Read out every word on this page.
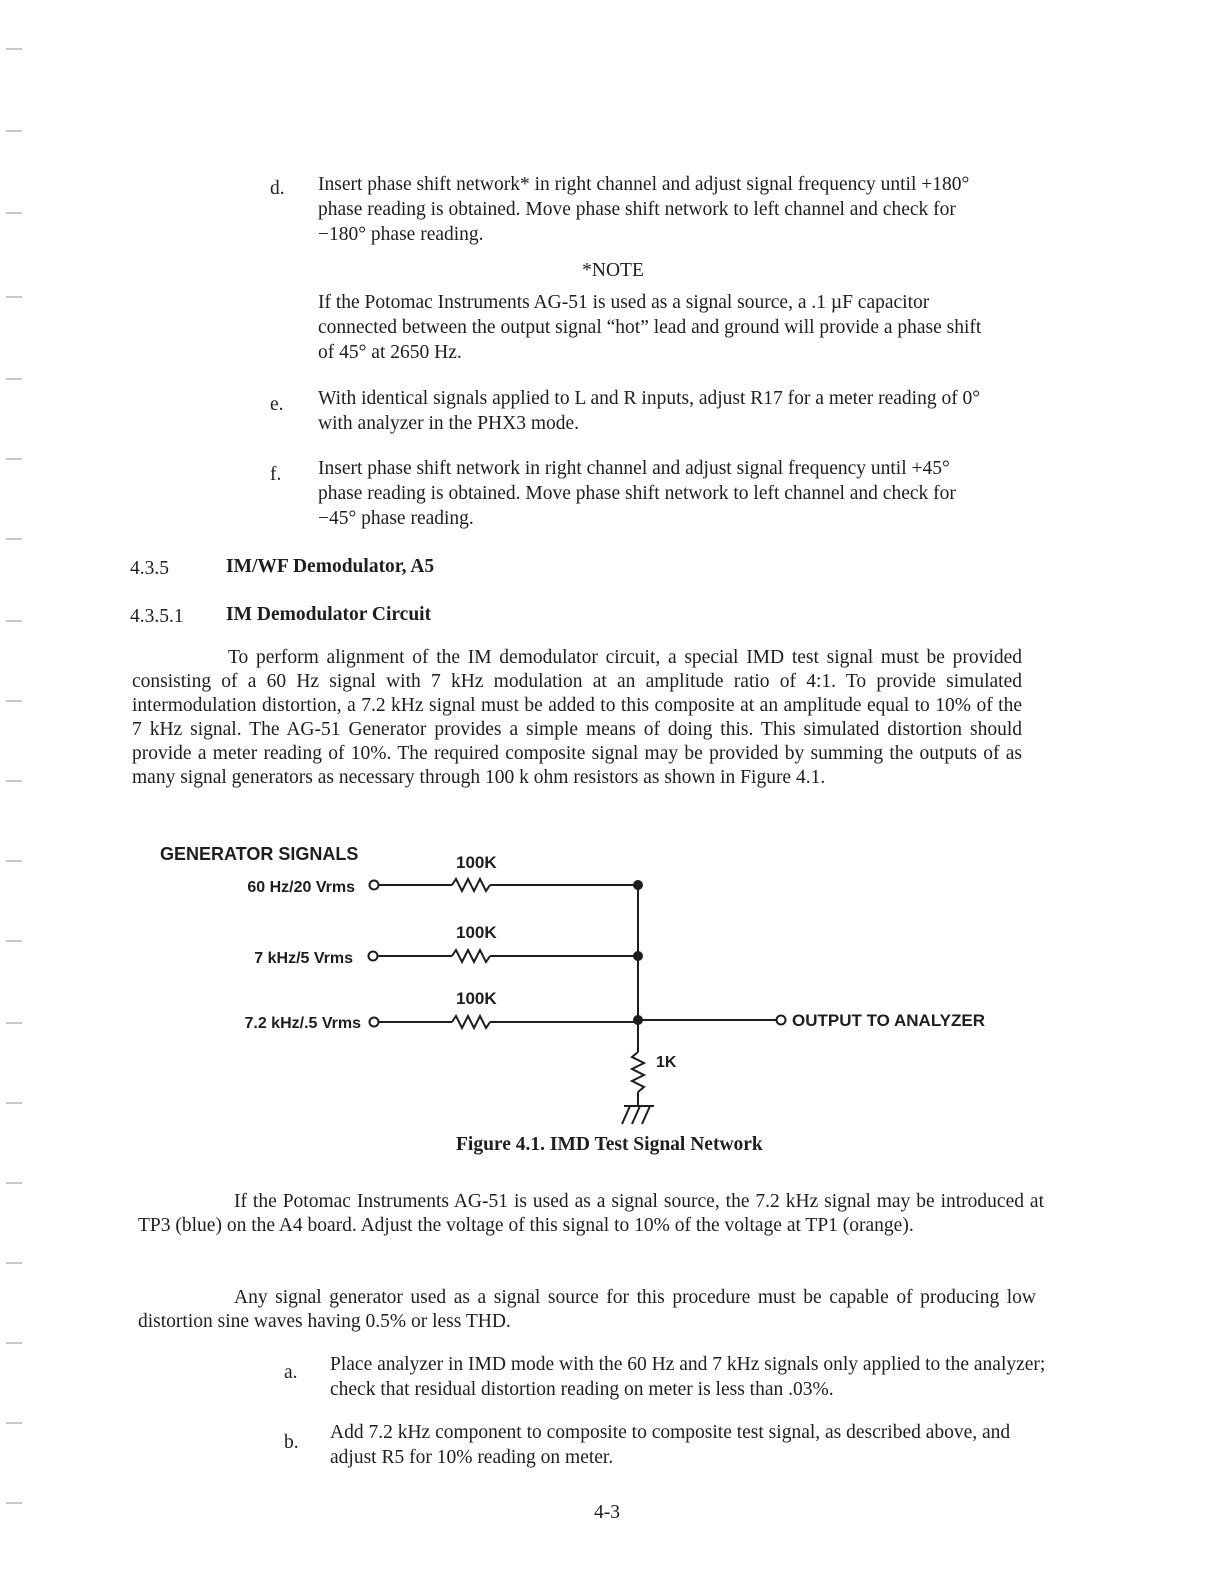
d. Insert phase shift network* in right channel and adjust signal frequency until +180° phase reading is obtained. Move phase shift network to left channel and check for −180° phase reading.
*NOTE
If the Potomac Instruments AG-51 is used as a signal source, a .1 µF capacitor connected between the output signal “hot” lead and ground will provide a phase shift of 45° at 2650 Hz.
e. With identical signals applied to L and R inputs, adjust R17 for a meter reading of 0° with analyzer in the PHX3 mode.
f. Insert phase shift network in right channel and adjust signal frequency until +45° phase reading is obtained. Move phase shift network to left channel and check for −45° phase reading.
4.3.5	IM/WF Demodulator, A5
4.3.5.1 IM Demodulator Circuit
To perform alignment of the IM demodulator circuit, a special IMD test signal must be provided consisting of a 60 Hz signal with 7 kHz modulation at an amplitude ratio of 4:1. To provide simulated intermodulation distortion, a 7.2 kHz signal must be added to this composite at an amplitude equal to 10% of the 7 kHz signal. The AG-51 Generator provides a simple means of doing this. This simulated distortion should provide a meter reading of 10%. The required composite signal may be provided by summing the outputs of as many signal generators as necessary through 100 k ohm resistors as shown in Figure 4.1.
GENERATOR SIGNALS
60 Hz/20 Vrms
7 kHz/5 Vrms
7.2 kHz/.5 Vrms
100K
100K
100K
1K
OUTPUT TO ANALYZER
Figure 4.1. IMD Test Signal Network
If the Potomac Instruments AG-51 is used as a signal source, the 7.2 kHz signal may be introduced at TP3 (blue) on the A4 board. Adjust the voltage of this signal to 10% of the voltage at TP1 (orange).
Any signal generator used as a signal source for this procedure must be capable of producing low distortion sine waves having 0.5% or less THD.
a. Place analyzer in IMD mode with the 60 Hz and 7 kHz signals only applied to the analyzer; check that residual distortion reading on meter is less than .03%.
b. Add 7.2 kHz component to composite to composite test signal, as described above, and adjust R5 for 10% reading on meter.
4-3
